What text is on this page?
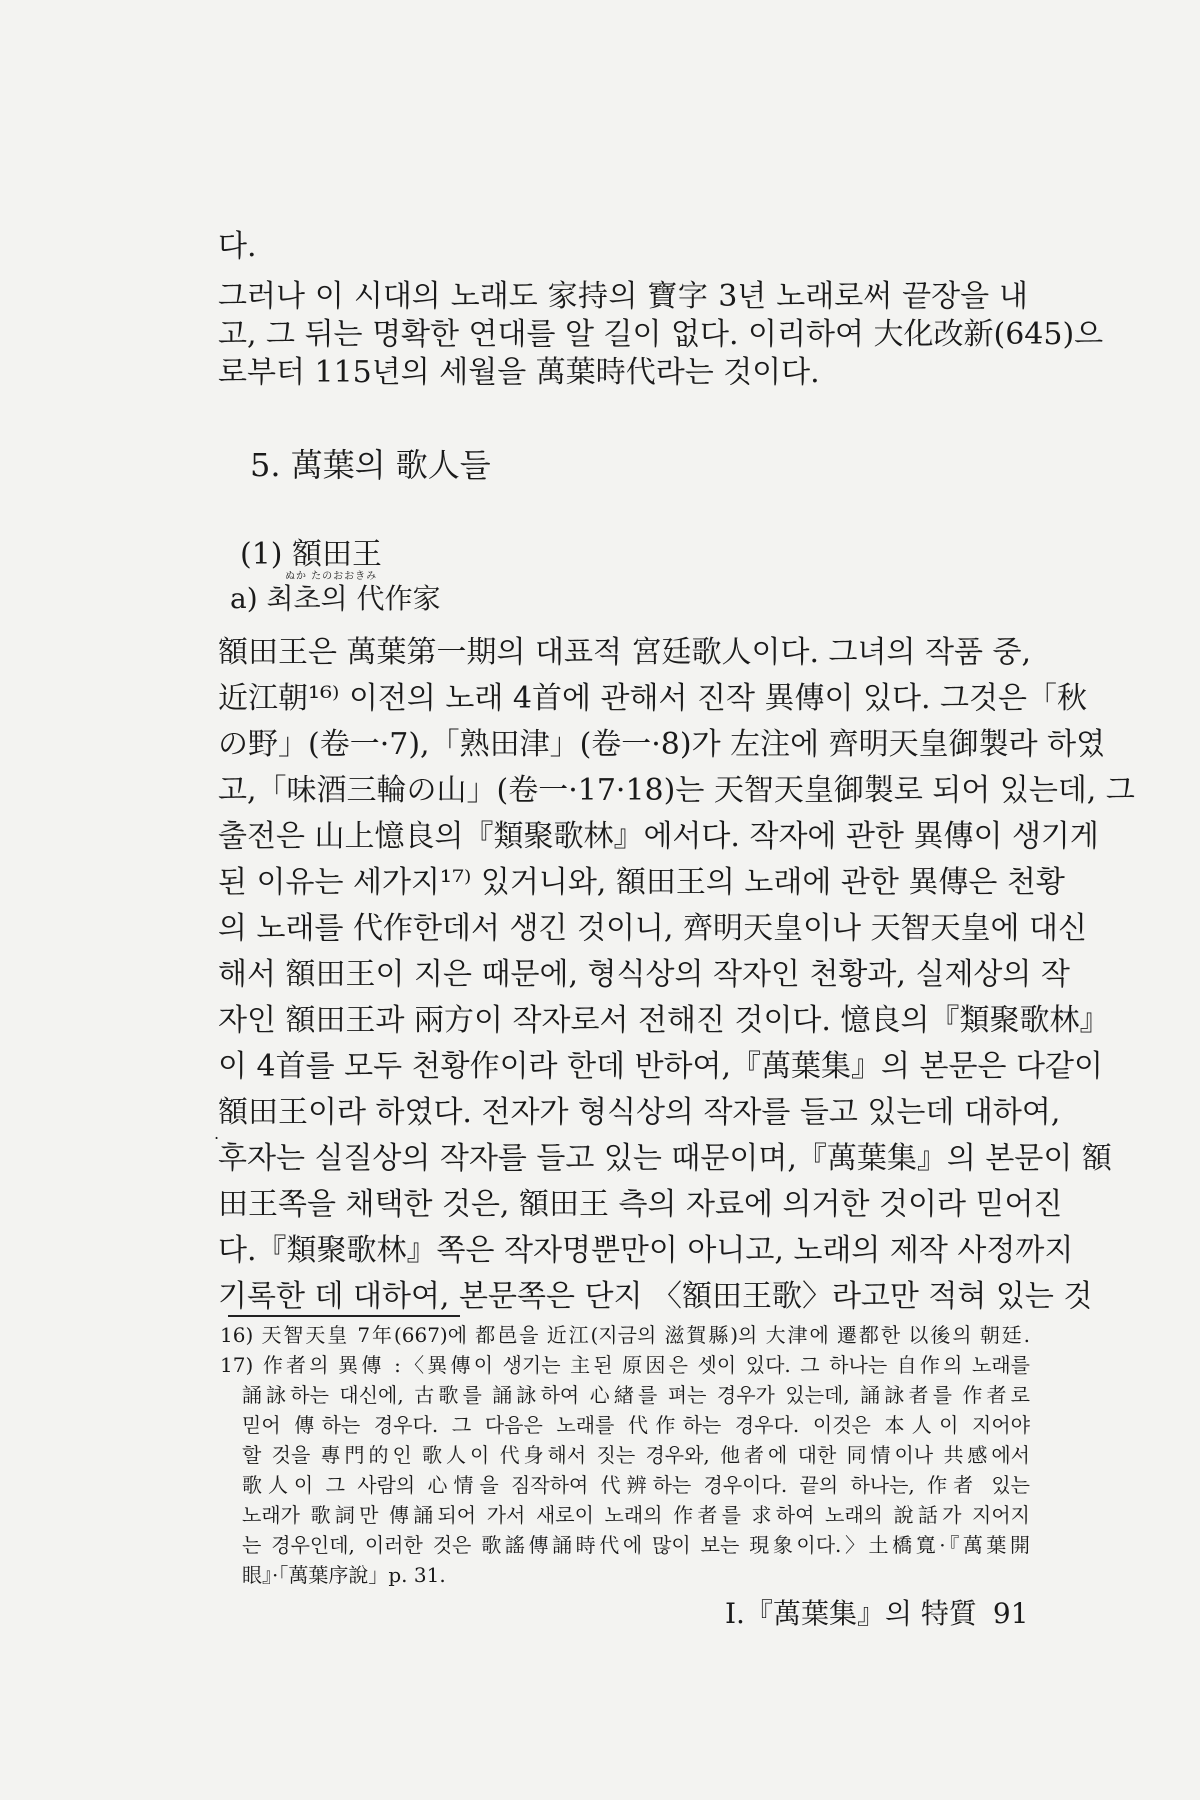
다.
그러나 이 시대의 노래도 家持의 寶字 3년 노래로써 끝장을 내
고, 그 뒤는 명확한 연대를 알 길이 없다. 이리하여 大化改新(645)으
로부터 115년의 세월을 萬葉時代라는 것이다.
5. 萬葉의 歌人들
(1) 額田王
ぬか たのおおきみ
a) 최초의 代作家
額田王은 萬葉第一期의 대표적 宮廷歌人이다. 그녀의 작품 중,
近江朝¹⁶⁾ 이전의 노래 4首에 관해서 진작 異傳이 있다. 그것은「秋
の野」(卷一·7),「熟田津」(卷一·8)가 左注에 齊明天皇御製라 하였
고,「味酒三輪の山」(卷一·17·18)는 天智天皇御製로 되어 있는데, 그
출전은 山上憶良의『類聚歌林』에서다. 작자에 관한 異傳이 생기게
된 이유는 세가지¹⁷⁾ 있거니와, 額田王의 노래에 관한 異傳은 천황
의 노래를 代作한데서 생긴 것이니, 齊明天皇이나 天智天皇에 대신
해서 額田王이 지은 때문에, 형식상의 작자인 천황과, 실제상의 작
자인 額田王과 兩方이 작자로서 전해진 것이다. 憶良의『類聚歌林』
이 4首를 모두 천황作이라 한데 반하여,『萬葉集』의 본문은 다같이
額田王이라 하였다. 전자가 형식상의 작자를 들고 있는데 대하여,
후자는 실질상의 작자를 들고 있는 때문이며,『萬葉集』의 본문이 額
田王쪽을 채택한 것은, 額田王 측의 자료에 의거한 것이라 믿어진
다.『類聚歌林』쪽은 작자명뿐만이 아니고, 노래의 제작 사정까지
기록한 데 대하여, 본문쪽은 단지 〈額田王歌〉라고만 적혀 있는 것
.
16) 天智天皇 7年(667)에 都邑을 近江(지금의 滋賀縣)의 大津에 遷都한 以後의 朝廷.
17) 作者의 異傳 :〈異傳이 생기는 主된 原因은 셋이 있다. 그 하나는 自作의 노래를
誦詠하는 대신에, 古歌를 誦詠하여 心緖를 펴는 경우가 있는데, 誦詠者를 作者로
믿어 傳하는 경우다. 그 다음은 노래를 代作하는 경우다. 이것은 本人이 지어야
할 것을 專門的인 歌人이 代身해서 짓는 경우와, 他者에 대한 同情이나 共感에서
歌人이 그 사람의 心情을 짐작하여 代辨하는 경우이다. 끝의 하나는, 作者 있는
노래가 歌詞만 傳誦되어 가서 새로이 노래의 作者를 求하여 노래의 說話가 지어지
는 경우인데, 이러한 것은 歌謠傳誦時代에 많이 보는 現象이다.〉土橋寬·『萬葉開
眼』·「萬葉序說」p. 31.
Ⅰ.『萬葉集』의 特質 91
